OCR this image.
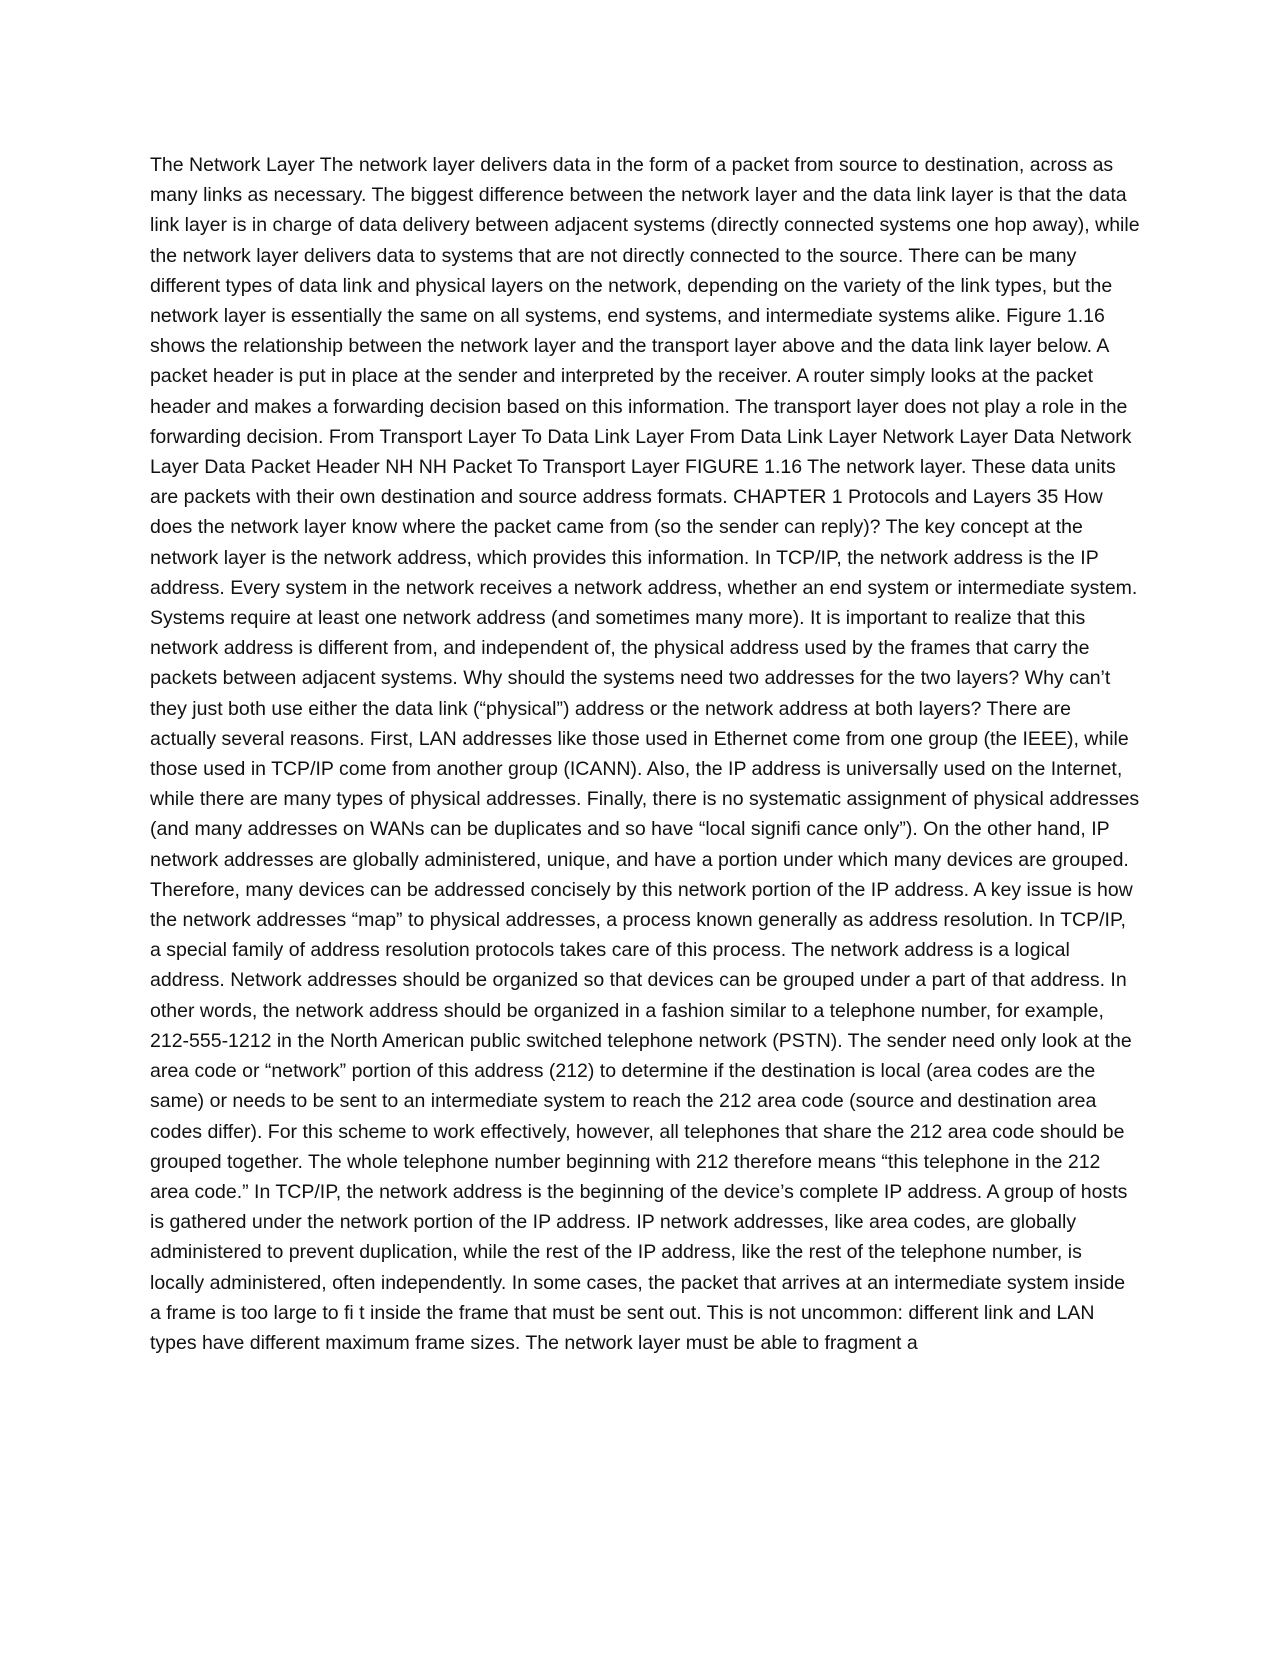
The Network Layer The network layer delivers data in the form of a packet from source to destination, across as many links as necessary. The biggest difference between the network layer and the data link layer is that the data link layer is in charge of data delivery between adjacent systems (directly connected systems one hop away), while the network layer delivers data to systems that are not directly connected to the source. There can be many different types of data link and physical layers on the network, depending on the variety of the link types, but the network layer is essentially the same on all systems, end systems, and intermediate systems alike. Figure 1.16 shows the relationship between the network layer and the transport layer above and the data link layer below. A packet header is put in place at the sender and interpreted by the receiver. A router simply looks at the packet header and makes a forwarding decision based on this information. The transport layer does not play a role in the forwarding decision. From Transport Layer To Data Link Layer From Data Link Layer Network Layer Data Network Layer Data Packet Header NH NH Packet To Transport Layer FIGURE 1.16 The network layer. These data units are packets with their own destination and source address formats. CHAPTER 1 Protocols and Layers 35 How does the network layer know where the packet came from (so the sender can reply)? The key concept at the network layer is the network address, which provides this information. In TCP/IP, the network address is the IP address. Every system in the network receives a network address, whether an end system or intermediate system. Systems require at least one network address (and sometimes many more). It is important to realize that this network address is different from, and independent of, the physical address used by the frames that carry the packets between adjacent systems. Why should the systems need two addresses for the two layers? Why can’t they just both use either the data link (“physical”) address or the network address at both layers? There are actually several reasons. First, LAN addresses like those used in Ethernet come from one group (the IEEE), while those used in TCP/IP come from another group (ICANN). Also, the IP address is universally used on the Internet, while there are many types of physical addresses. Finally, there is no systematic assignment of physical addresses (and many addresses on WANs can be duplicates and so have “local signifi cance only”). On the other hand, IP network addresses are globally administered, unique, and have a portion under which many devices are grouped. Therefore, many devices can be addressed concisely by this network portion of the IP address. A key issue is how the network addresses “map” to physical addresses, a process known generally as address resolution. In TCP/IP, a special family of address resolution protocols takes care of this process. The network address is a logical address. Network addresses should be organized so that devices can be grouped under a part of that address. In other words, the network address should be organized in a fashion similar to a telephone number, for example, 212-555-1212 in the North American public switched telephone network (PSTN). The sender need only look at the area code or “network” portion of this address (212) to determine if the destination is local (area codes are the same) or needs to be sent to an intermediate system to reach the 212 area code (source and destination area codes differ). For this scheme to work effectively, however, all telephones that share the 212 area code should be grouped together. The whole telephone number beginning with 212 therefore means “this telephone in the 212 area code.” In TCP/IP, the network address is the beginning of the device’s complete IP address. A group of hosts is gathered under the network portion of the IP address. IP network addresses, like area codes, are globally administered to prevent duplication, while the rest of the IP address, like the rest of the telephone number, is locally administered, often independently. In some cases, the packet that arrives at an intermediate system inside a frame is too large to fi t inside the frame that must be sent out. This is not uncommon: different link and LAN types have different maximum frame sizes. The network layer must be able to fragment a
